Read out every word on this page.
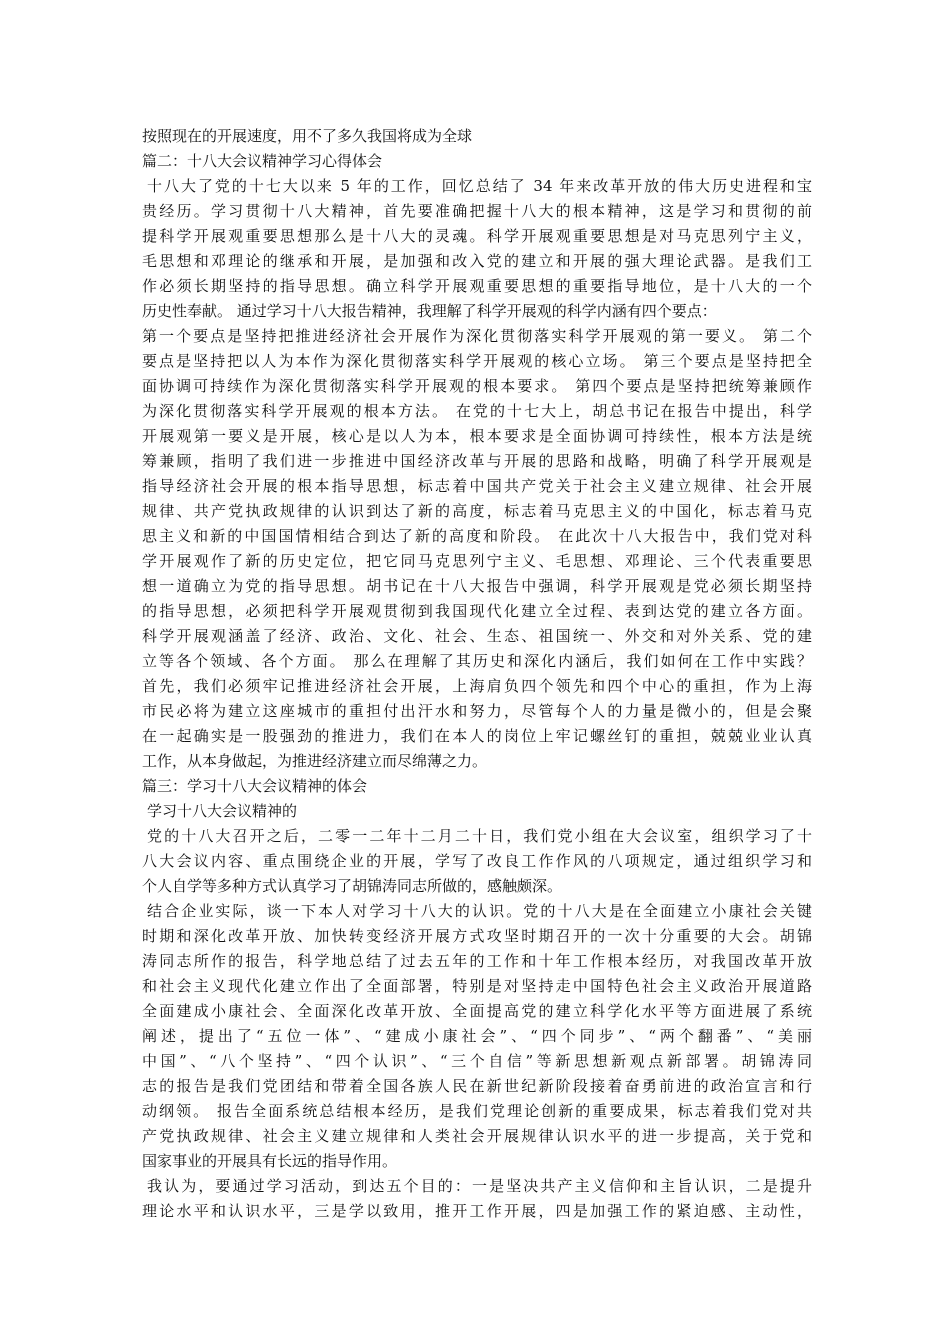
按照现在的开展速度，用不了多久我国将成为全球
篇二：十八大会议精神学习心得体会
十八大了党的十七大以来 5 年的工作，回忆总结了 34 年来改革开放的伟大历史进程和宝
贵经历。学习贯彻十八大精神，首先要准确把握十八大的根本精神，这是学习和贯彻的前
提科学开展观重要思想那么是十八大的灵魂。科学开展观重要思想是对马克思列宁主义，
毛思想和邓理论的继承和开展，是加强和改入党的建立和开展的强大理论武器。是我们工
作必须长期坚持的指导思想。确立科学开展观重要思想的重要指导地位，是十八大的一个
历史性奉献。 通过学习十八大报告精神，我理解了科学开展观的科学内涵有四个要点：
第一个要点是坚持把推进经济社会开展作为深化贯彻落实科学开展观的第一要义。 第二个
要点是坚持把以人为本作为深化贯彻落实科学开展观的核心立场。 第三个要点是坚持把全
面协调可持续作为深化贯彻落实科学开展观的根本要求。 第四个要点是坚持把统筹兼顾作
为深化贯彻落实科学开展观的根本方法。 在党的十七大上，胡总书记在报告中提出，科学
开展观第一要义是开展，核心是以人为本，根本要求是全面协调可持续性，根本方法是统
筹兼顾，指明了我们进一步推进中国经济改革与开展的思路和战略，明确了科学开展观是
指导经济社会开展的根本指导思想，标志着中国共产党关于社会主义建立规律、社会开展
规律、共产党执政规律的认识到达了新的高度，标志着马克思主义的中国化，标志着马克
思主义和新的中国国情相结合到达了新的高度和阶段。 在此次十八大报告中，我们党对科
学开展观作了新的历史定位，把它同马克思列宁主义、毛思想、邓理论、三个代表重要思
想一道确立为党的指导思想。胡书记在十八大报告中强调，科学开展观是党必须长期坚持
的指导思想，必须把科学开展观贯彻到我国现代化建立全过程、表到达党的建立各方面。
科学开展观涵盖了经济、政治、文化、社会、生态、祖国统一、外交和对外关系、党的建
立等各个领域、各个方面。 那么在理解了其历史和深化内涵后，我们如何在工作中实践？
首先，我们必须牢记推进经济社会开展，上海肩负四个领先和四个中心的重担，作为上海
市民必将为建立这座城市的重担付出汗水和努力，尽管每个人的力量是微小的，但是会聚
在一起确实是一股强劲的推进力，我们在本人的岗位上牢记螺丝钉的重担，兢兢业业认真
工作，从本身做起，为推进经济建立而尽绵薄之力。
篇三：学习十八大会议精神的体会
学习十八大会议精神的
党的十八大召开之后，二零一二年十二月二十日，我们党小组在大会议室，组织学习了十
八大会议内容、重点围绕企业的开展，学写了改良工作作风的八项规定，通过组织学习和
个人自学等多种方式认真学习了胡锦涛同志所做的，感触颇深。
结合企业实际，谈一下本人对学习十八大的认识。党的十八大是在全面建立小康社会关键
时期和深化改革开放、加快转变经济开展方式攻坚时期召开的一次十分重要的大会。胡锦
涛同志所作的报告，科学地总结了过去五年的工作和十年工作根本经历，对我国改革开放
和社会主义现代化建立作出了全面部署，特别是对坚持走中国特色社会主义政治开展道路
全面建成小康社会、全面深化改革开放、全面提高党的建立科学化水平等方面进展了系统
阐述，提出了“五位一体”、“建成小康社会”、“四个同步”、“两个翻番”、“美丽
中国”、“八个坚持”、“四个认识”、“三个自信”等新思想新观点新部署。胡锦涛同
志的报告是我们党团结和带着全国各族人民在新世纪新阶段接着奋勇前进的政治宣言和行
动纲领。 报告全面系统总结根本经历，是我们党理论创新的重要成果，标志着我们党对共
产党执政规律、社会主义建立规律和人类社会开展规律认识水平的进一步提高，关于党和
国家事业的开展具有长远的指导作用。
我认为，要通过学习活动，到达五个目的：一是坚决共产主义信仰和主旨认识，二是提升
理论水平和认识水平，三是学以致用，推开工作开展，四是加强工作的紧迫感、主动性，
